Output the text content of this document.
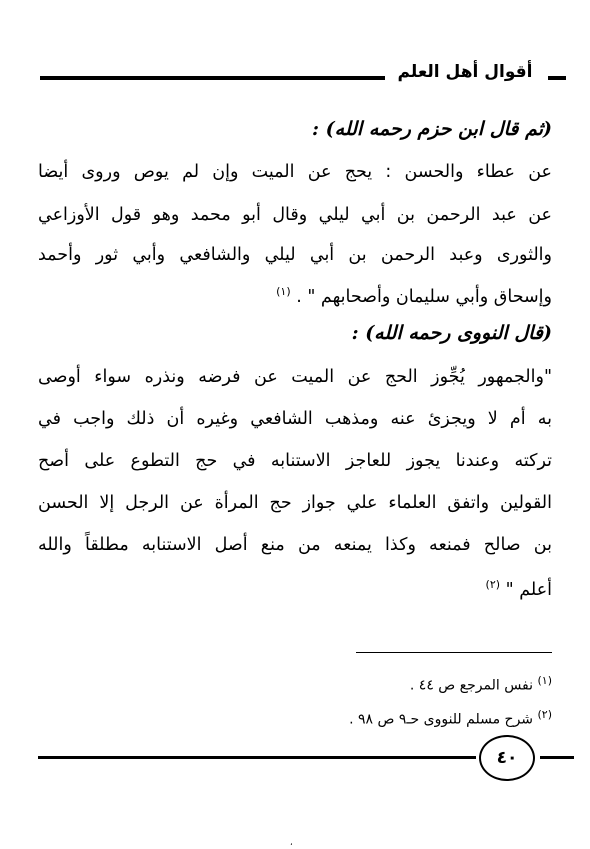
أقوال أهل العلم
(ثم قال ابن حزم رحمه الله) :
عن عطاء والحسن : يحج عن الميت وإن لم يوص وروى أيضا
عن عبد الرحمن بن أبي ليلي وقال أبو محمد وهو قول الأوزاعي
والثورى وعبد الرحمن بن أبي ليلي والشافعي وأبي ثور وأحمد
وإسحاق وأبي سليمان وأصحابهم " . $^{(١)}$
(قال النووى رحمه الله) :
"والجمهور يُجِّوز الحج عن الميت عن فرضه ونذره سواء أوصى
به أم لا ويجزئ عنه ومذهب الشافعي وغيره أن ذلك واجب في
تركته وعندنا يجوز للعاجز الاستنابه في حج التطوع على أصح
القولين واتفق العلماء علي جواز حج المرأة عن الرجل إلا الحسن
بن صالح فمنعه وكذا يمنعه من منع أصل الاستنابه مطلقاً والله
أعلم " $^{(٢)}$
$^{(١)}$ نفس المرجع ص ٤٤ .
$^{(٢)}$ شرح مسلم للنووى حـ٩ ص ٩٨ .
٤٠
،
